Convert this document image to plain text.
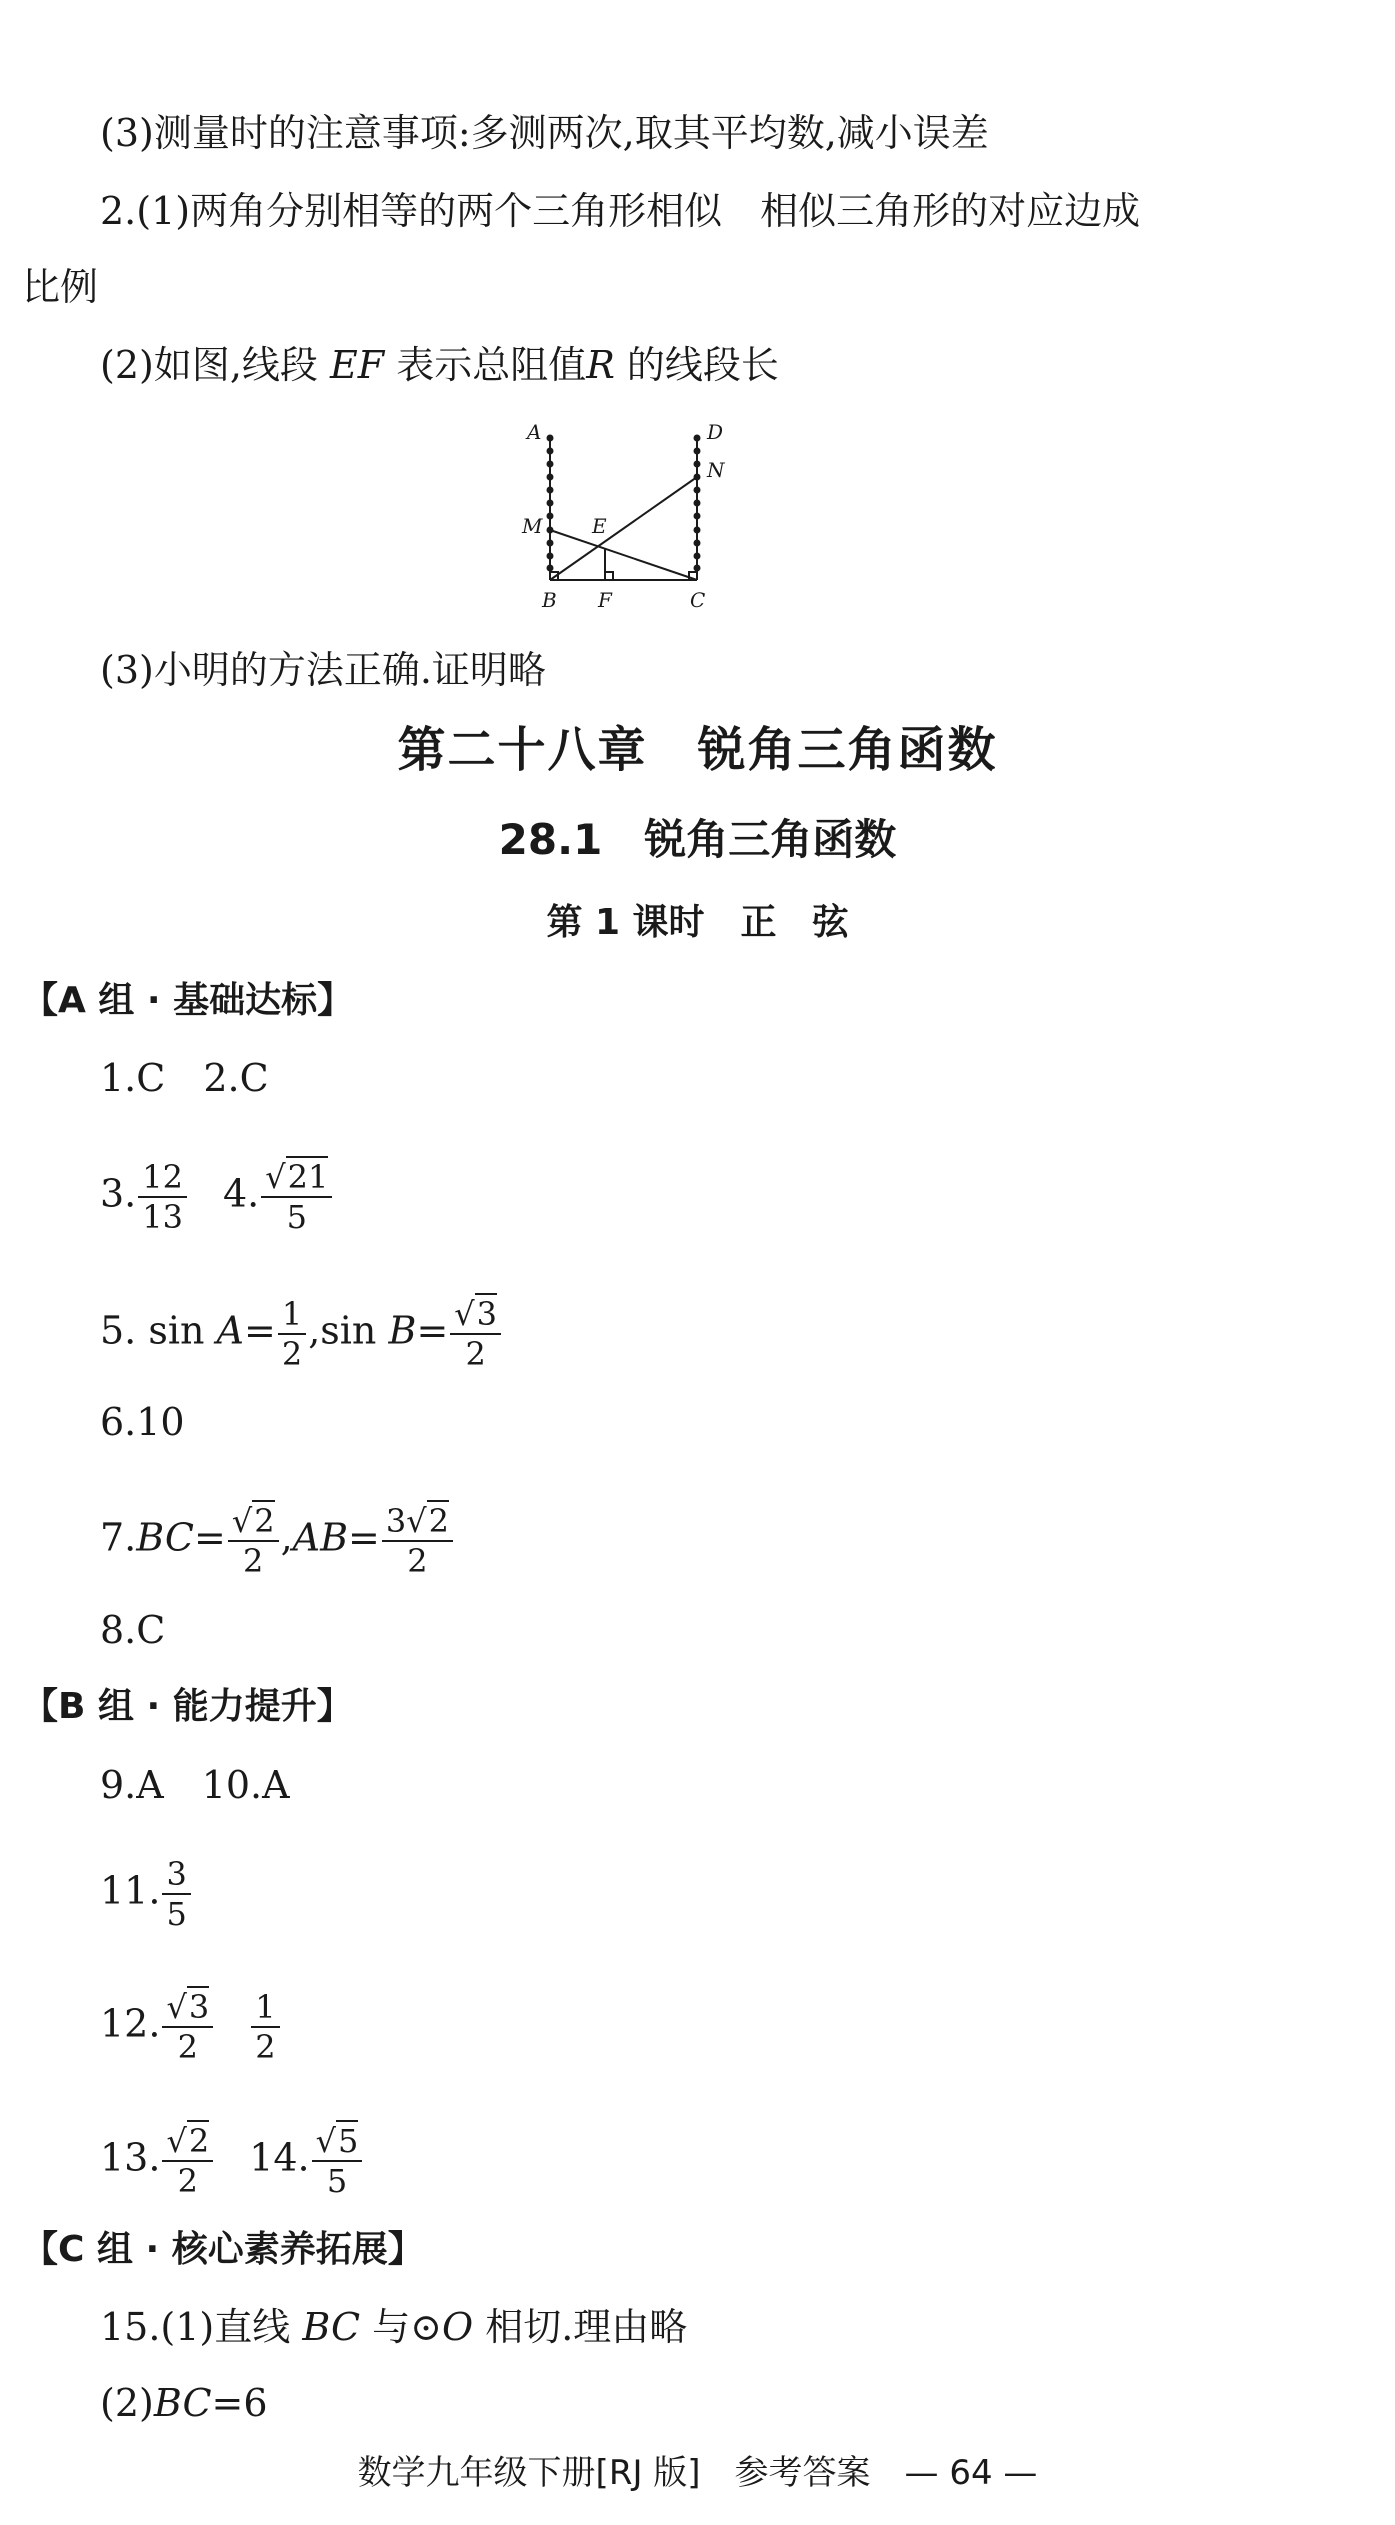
(3)测量时的注意事项:多测两次,取其平均数,减小误差
2.(1)两角分别相等的两个三角形相似　相似三角形的对应边成
比例
(2)如图,线段 EF 表示总阻值R 的线段长
A	D
N
M E
B F	C
(3)小明的方法正确.证明略
第二十八章　锐角三角函数
28.1　锐角三角函数
第 1 课时　正　弦
【A 组 · 基础达标】
1.C　2.C
3. $\frac{12}{13} 4$. $\frac{√21}{5}$
5. $\sin A= \frac{1}{2} ,\sin$ $B= \frac{√3}{2}$
6.10
$7.BC= \frac{√2}{2} ,AB= \frac{3√2}{2}$
8.C
【B 组 · 能力提升】
9.A　10.A
11. $\frac{3}{5}$
12. $\frac{√3}{2} \frac{1}{2}$
13. $\frac{√2}{2} 14$. $\frac{√5}{5}$
【C 组 · 核心素养拓展】
15.(1)直线 BC 与⊙O 相切.理由略
(2)BC=6
数学九年级下册[RJ 版]　参考答案　— 64 —
